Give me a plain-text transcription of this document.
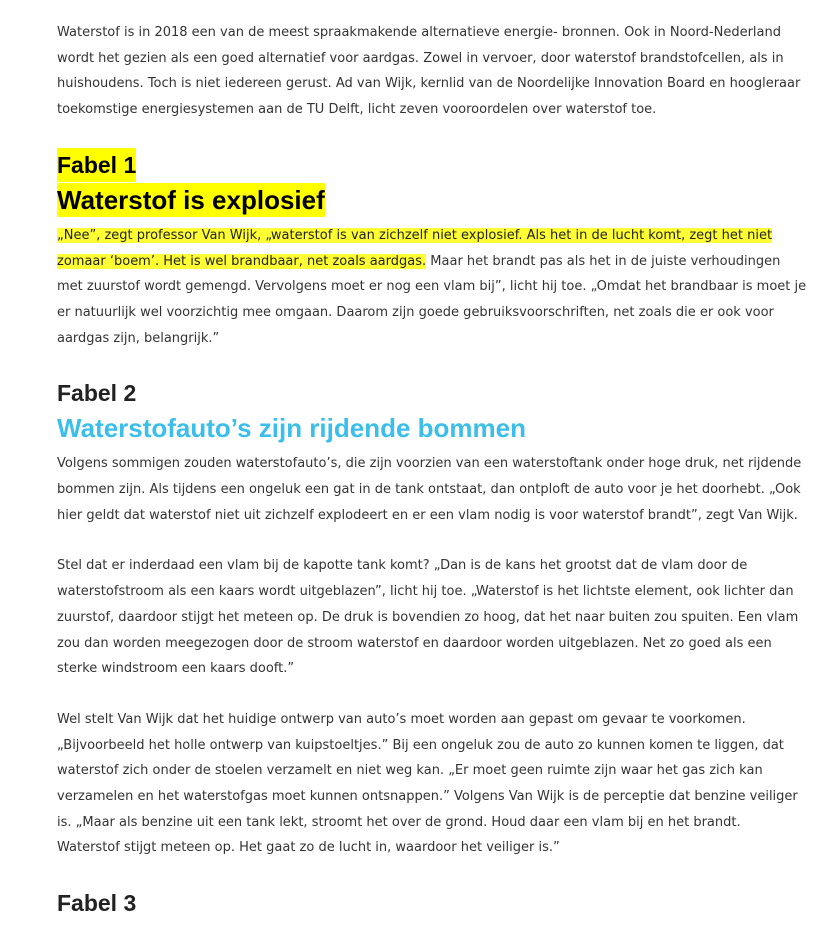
Waterstof is in 2018 een van de meest spraakmakende alternatieve energie- bronnen. Ook in Noord-Nederland wordt het gezien als een goed alternatief voor aardgas. Zowel in vervoer, door waterstof brandstofcellen, als in huishoudens. Toch is niet iedereen gerust. Ad van Wijk, kernlid van de Noordelijke Innovation Board en hoogleraar toekomstige energiesystemen aan de TU Delft, licht zeven vooroordelen over waterstof toe.

Fabel 1
Waterstof is explosief

„Nee”, zegt professor Van Wijk, „waterstof is van zichzelf niet explosief. Als het in de lucht komt, zegt het niet zomaar ‘boem’. Het is wel brandbaar, net zoals aardgas. Maar het brandt pas als het in de juiste verhoudingen met zuurstof wordt gemengd. Vervolgens moet er nog een vlam bij”, licht hij toe. „Omdat het brandbaar is moet je er natuurlijk wel voorzichtig mee omgaan. Daarom zijn goede gebruiksvoorschriften, net zoals die er ook voor aardgas zijn, belangrijk.”

Fabel 2
Waterstofauto’s zijn rijdende bommen

Volgens sommigen zouden waterstofauto’s, die zijn voorzien van een waterstoftank onder hoge druk, net rijdende bommen zijn. Als tijdens een ongeluk een gat in de tank ontstaat, dan ontploft de auto voor je het doorhebt. „Ook hier geldt dat waterstof niet uit zichzelf explodeert en er een vlam nodig is voor waterstof brandt”, zegt Van Wijk.

Stel dat er inderdaad een vlam bij de kapotte tank komt? „Dan is de kans het grootst dat de vlam door de waterstofstroom als een kaars wordt uitgeblazen”, licht hij toe. „Waterstof is het lichtste element, ook lichter dan zuurstof, daardoor stijgt het meteen op. De druk is bovendien zo hoog, dat het naar buiten zou spuiten. Een vlam zou dan worden meegezogen door de stroom waterstof en daardoor worden uitgeblazen. Net zo goed als een sterke windstroom een kaars dooft.”

Wel stelt Van Wijk dat het huidige ontwerp van auto’s moet worden aan gepast om gevaar te voorkomen. „Bijvoorbeeld het holle ontwerp van kuipstoeltjes.” Bij een ongeluk zou de auto zo kunnen komen te liggen, dat waterstof zich onder de stoelen verzamelt en niet weg kan. „Er moet geen ruimte zijn waar het gas zich kan verzamelen en het waterstofgas moet kunnen ontsnappen.” Volgens Van Wijk is de perceptie dat benzine veiliger is. „Maar als benzine uit een tank lekt, stroomt het over de grond. Houd daar een vlam bij en het brandt. Waterstof stijgt meteen op. Het gaat zo de lucht in, waardoor het veiliger is.”

Fabel 3
